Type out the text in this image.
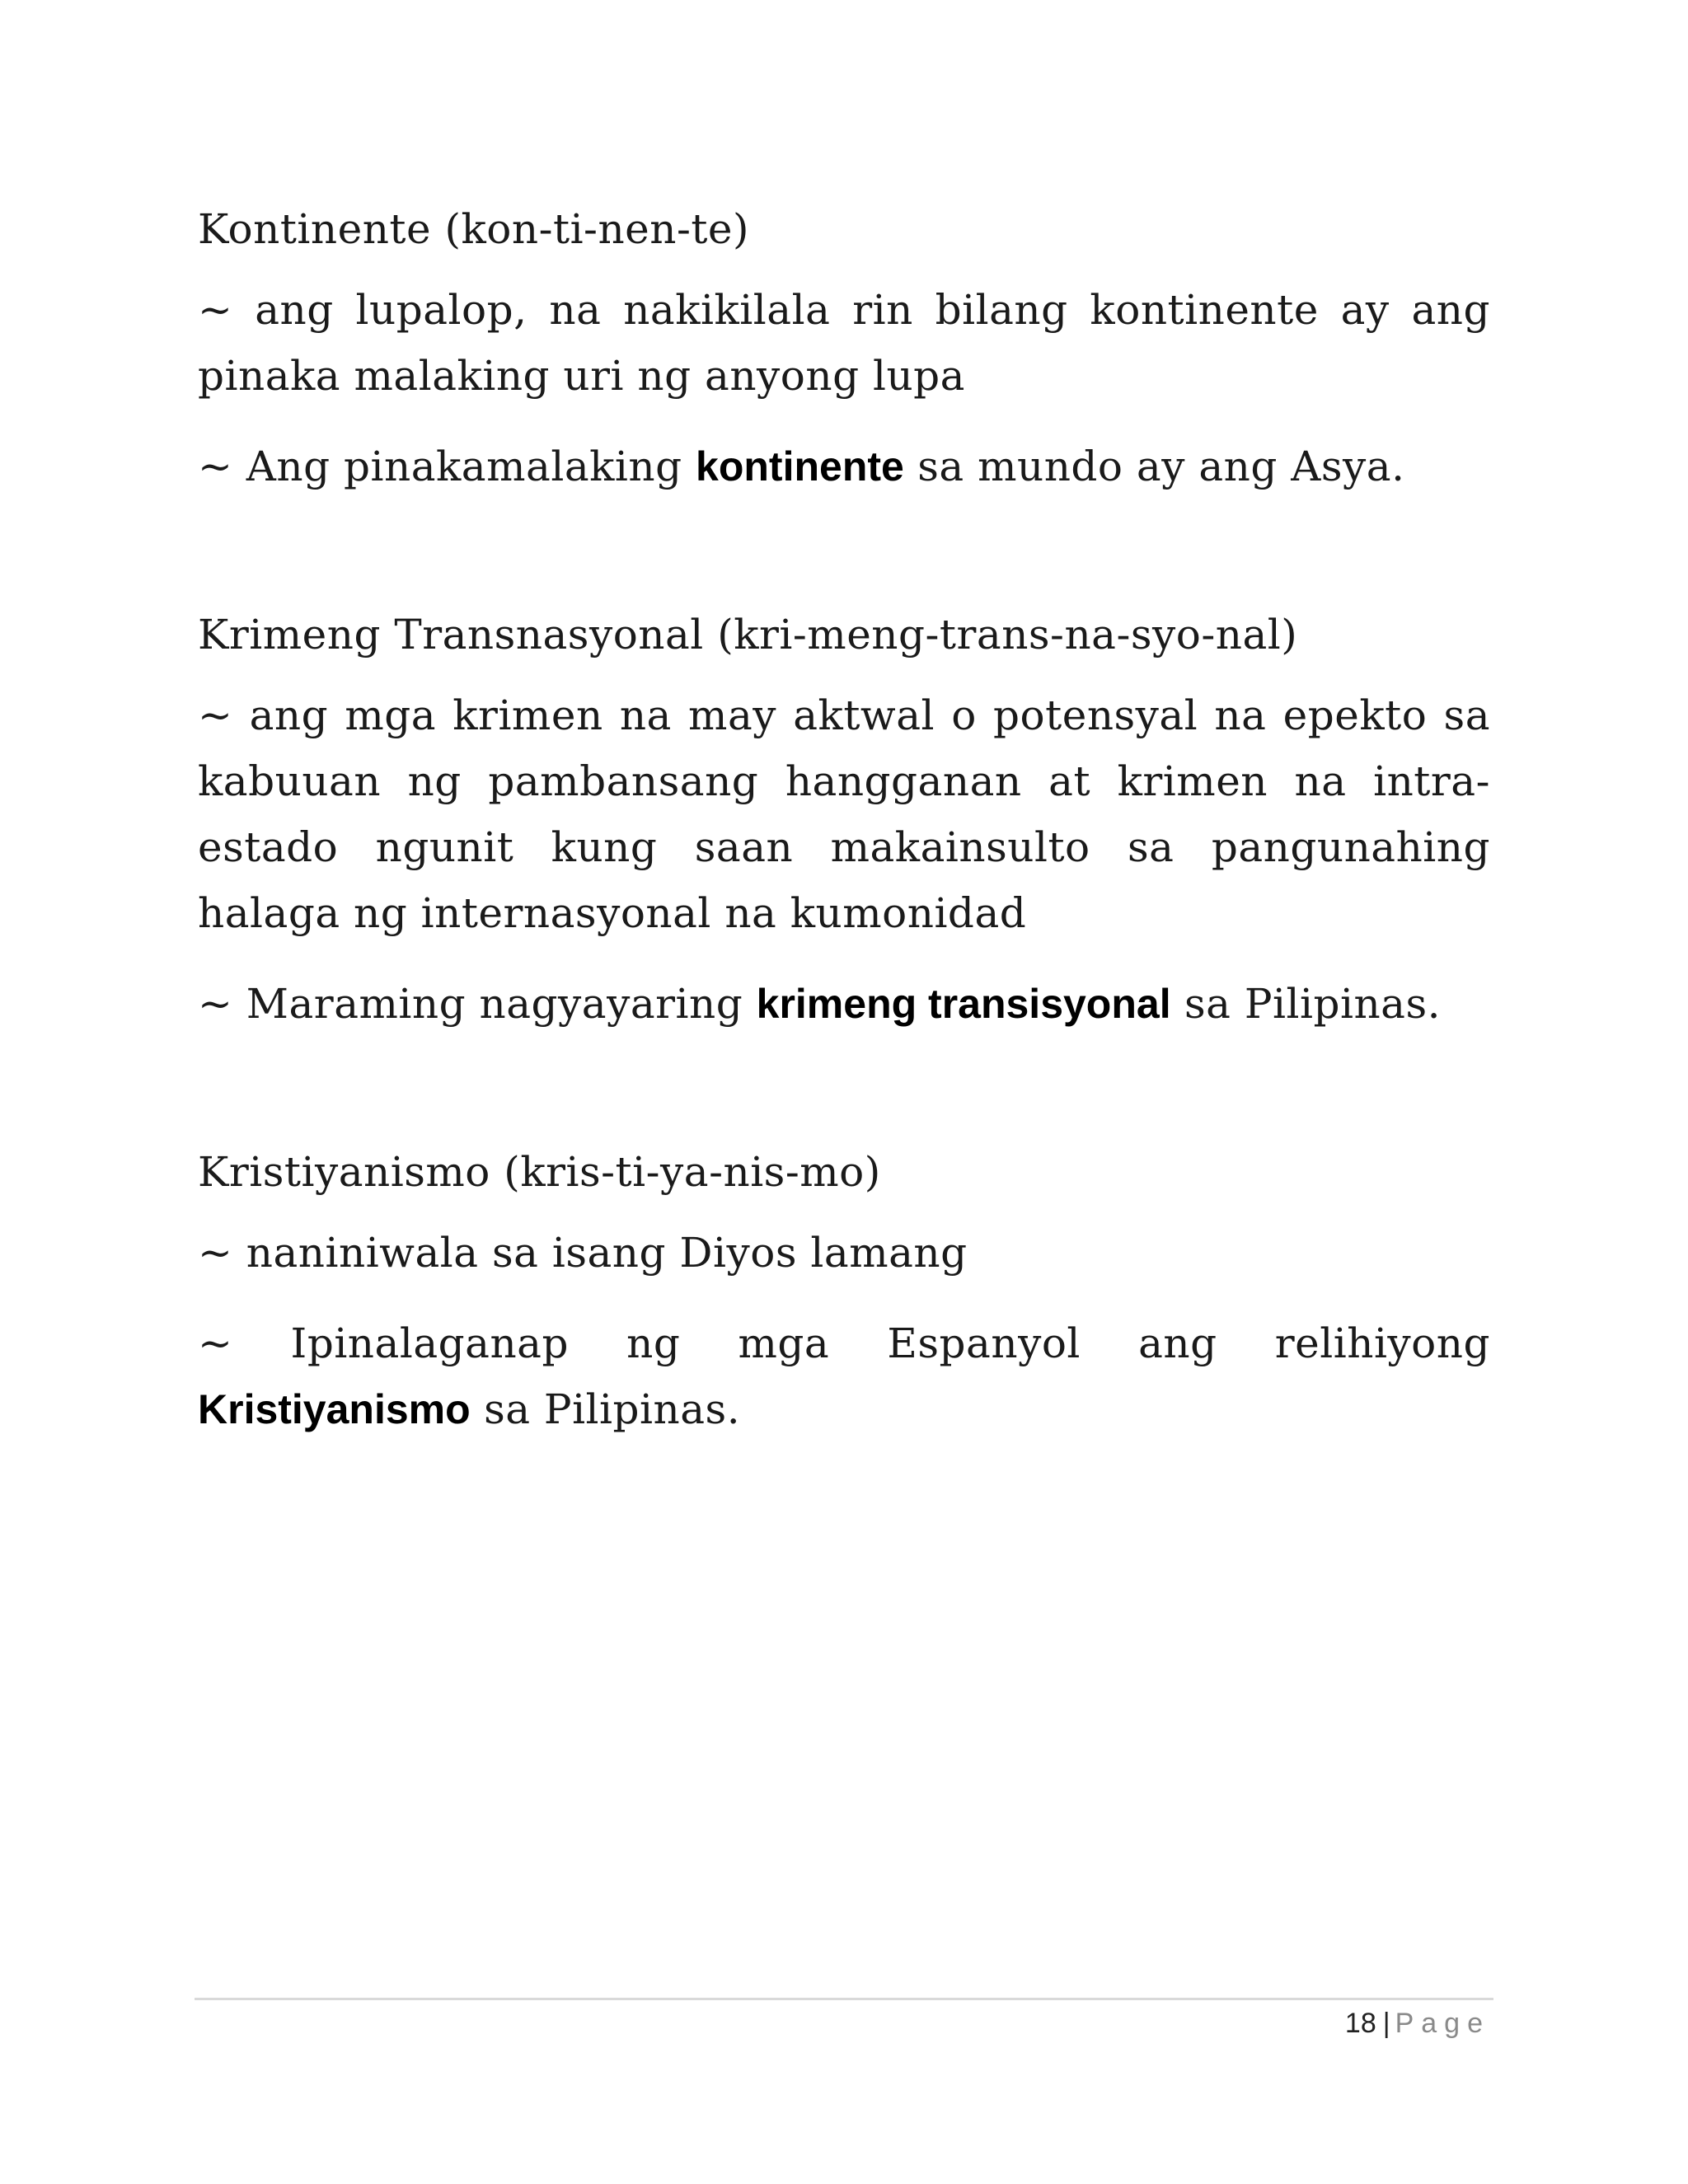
Kontinente (kon-ti-nen-te)
~ ang lupalop, na nakikilala rin bilang kontinente ay ang pinaka malaking uri ng anyong lupa
~ Ang pinakamalaking kontinente sa mundo ay ang Asya.
Krimeng Transnasyonal (kri-meng-trans-na-syo-nal)
~ ang mga krimen na may aktwal o potensyal na epekto sa kabuuan ng pambansang hangganan at krimen na intra-estado ngunit kung saan makainsulto sa pangunahing halaga ng internasyonal na kumonidad
~ Maraming nagyayaring krimeng transisyonal sa Pilipinas.
Kristiyanismo (kris-ti-ya-nis-mo)
~ naniniwala sa isang Diyos lamang
~ Ipinalaganap ng mga Espanyol ang relihiyong Kristiyanismo sa Pilipinas.
18 | Page
